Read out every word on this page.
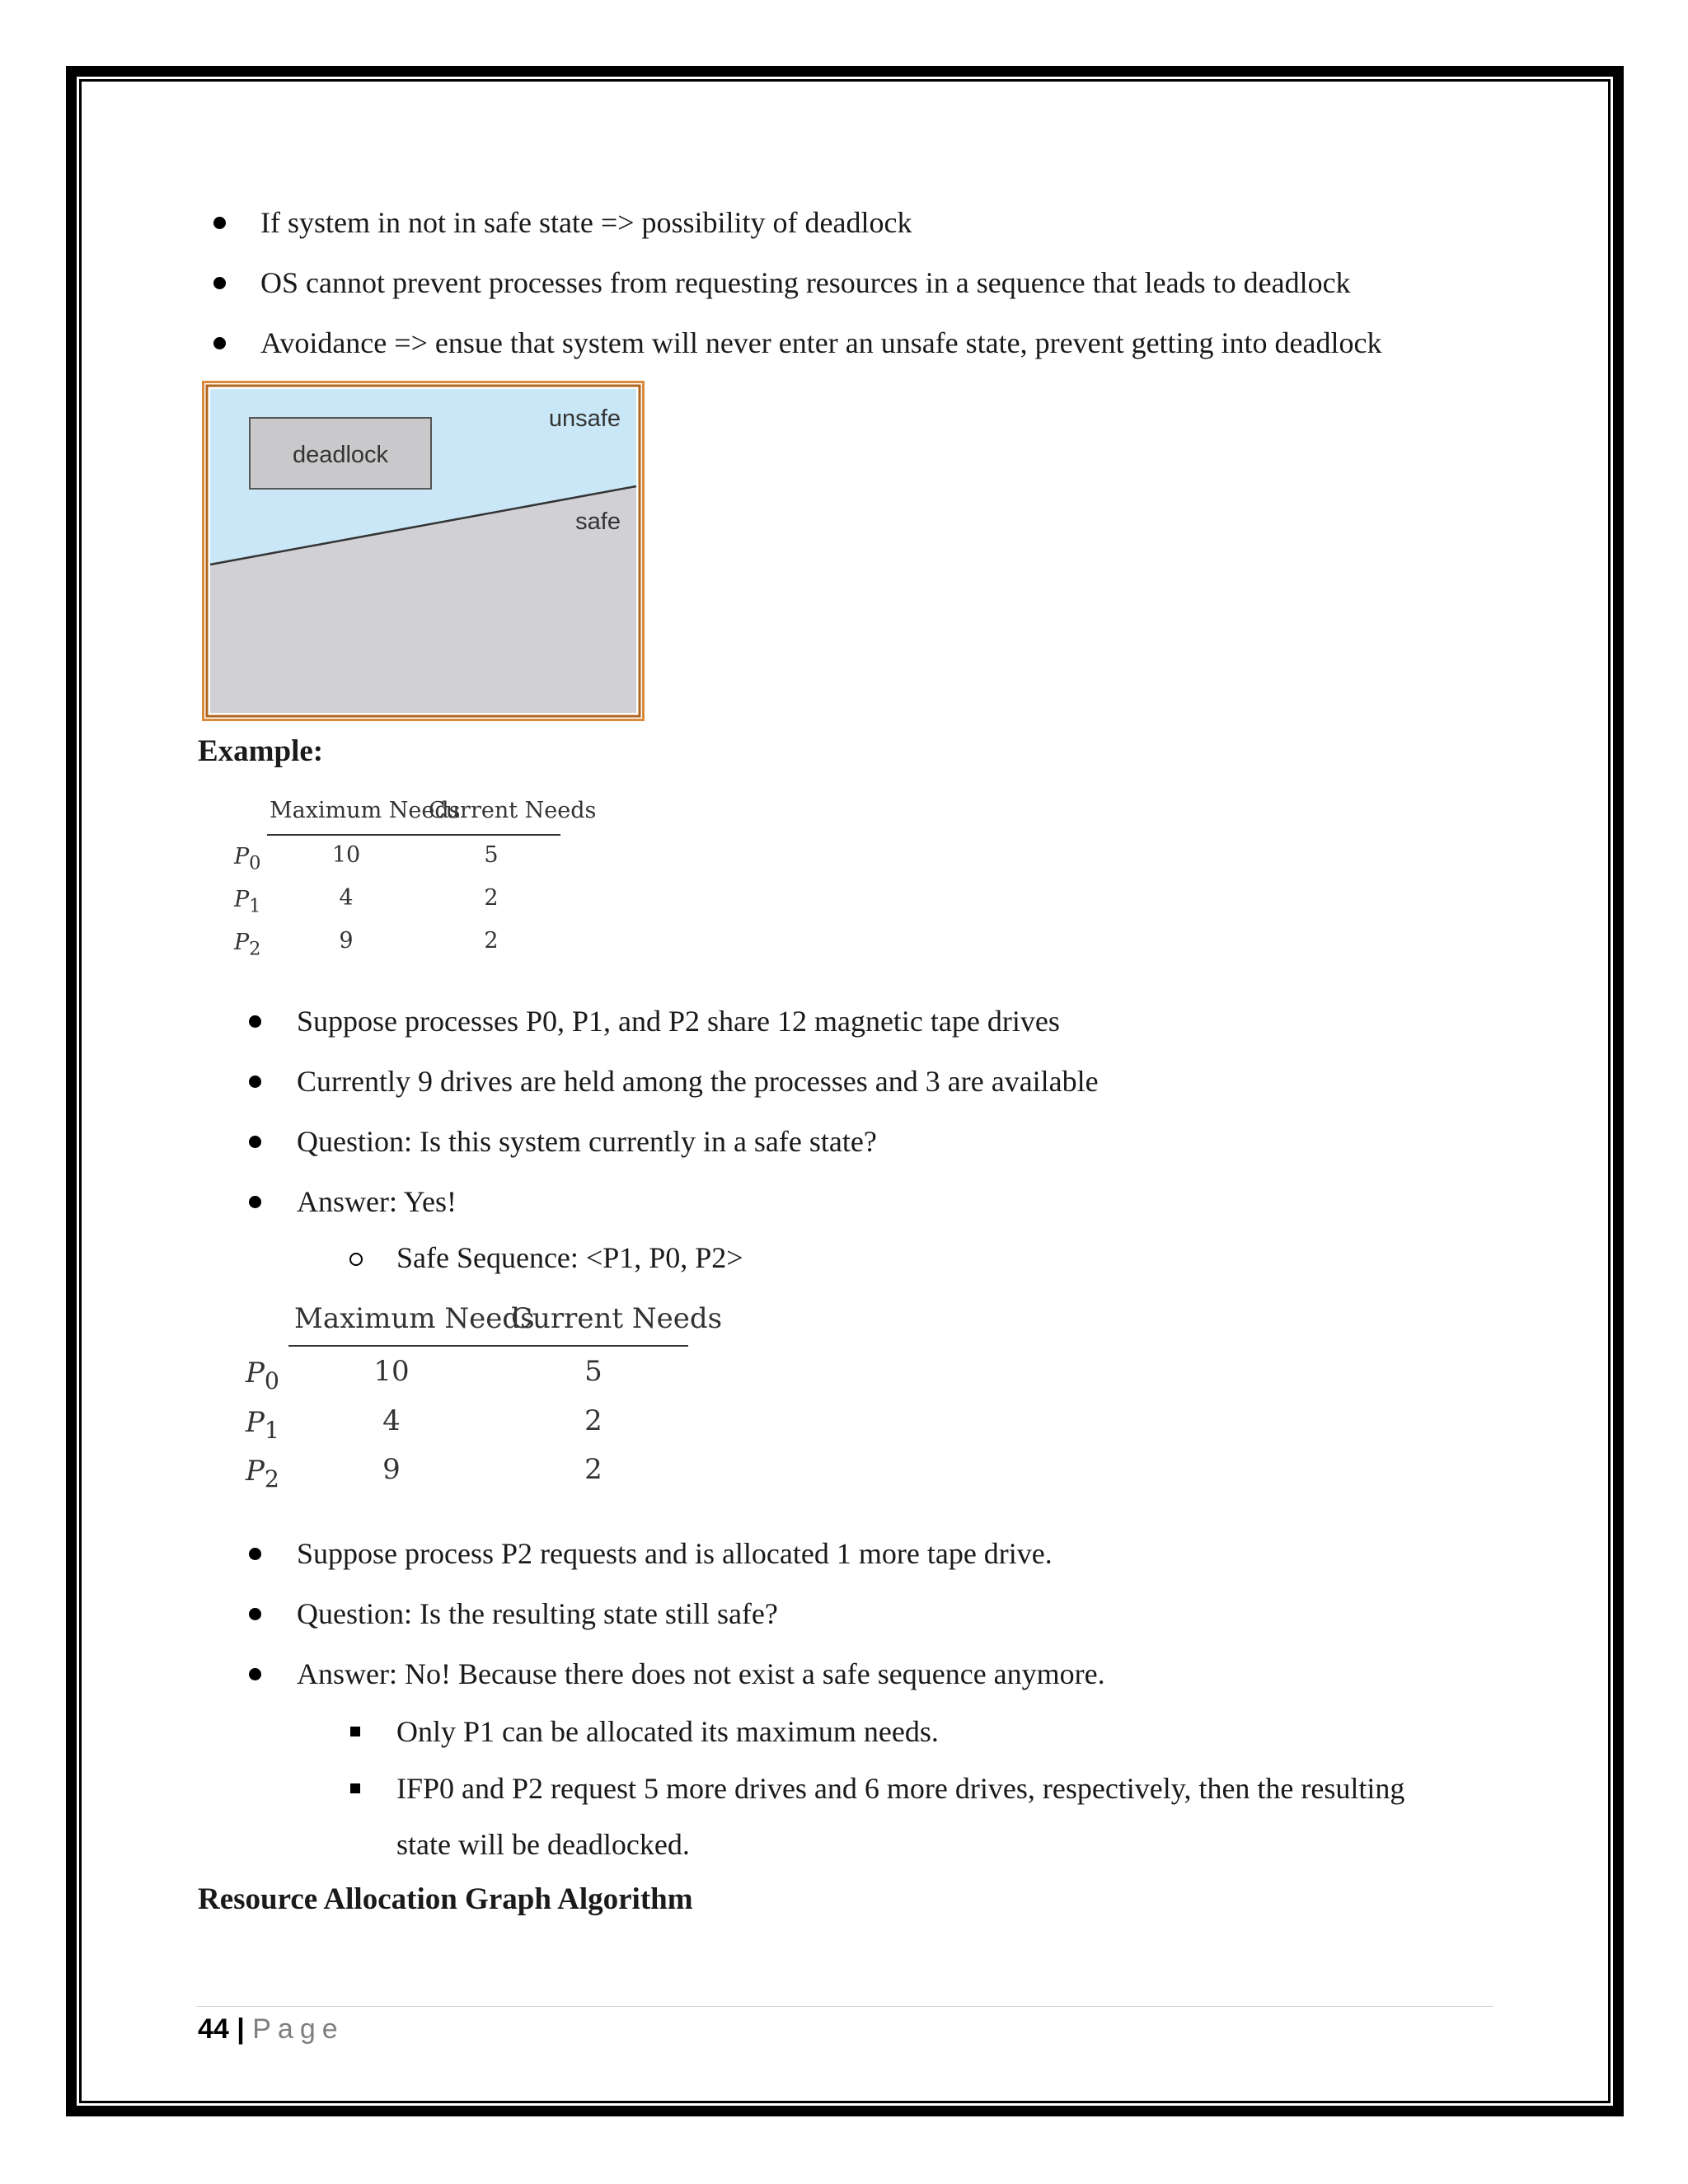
If system in not in safe state => possibility of deadlock
OS cannot prevent processes from requesting resources in a sequence that leads to deadlock
Avoidance => ensue that system will never enter an unsafe state, prevent getting into deadlock
deadlock
unsafe
safe
Example:
Maximum Needs
Current Needs
$P_0$	10	5
$P_1$	4	2
$P_2$	9	2
Suppose processes P0, P1, and P2 share 12 magnetic tape drives
Currently 9 drives are held among the processes and 3 are available
Question: Is this system currently in a safe state?
Answer: Yes!
Safe Sequence: <P1, P0, P2>
Maximum Needs
Current Needs
$P_0$	10	5
$P_1$	4	2
$P_2$	9	2
Suppose process P2 requests and is allocated 1 more tape drive.
Question: Is the resulting state still safe?
Answer: No! Because there does not exist a safe sequence anymore.
Only P1 can be allocated its maximum needs.
IFP0 and P2 request 5 more drives and 6 more drives, respectively, then the resulting
state will be deadlocked.
Resource Allocation Graph Algorithm
44 | Page
